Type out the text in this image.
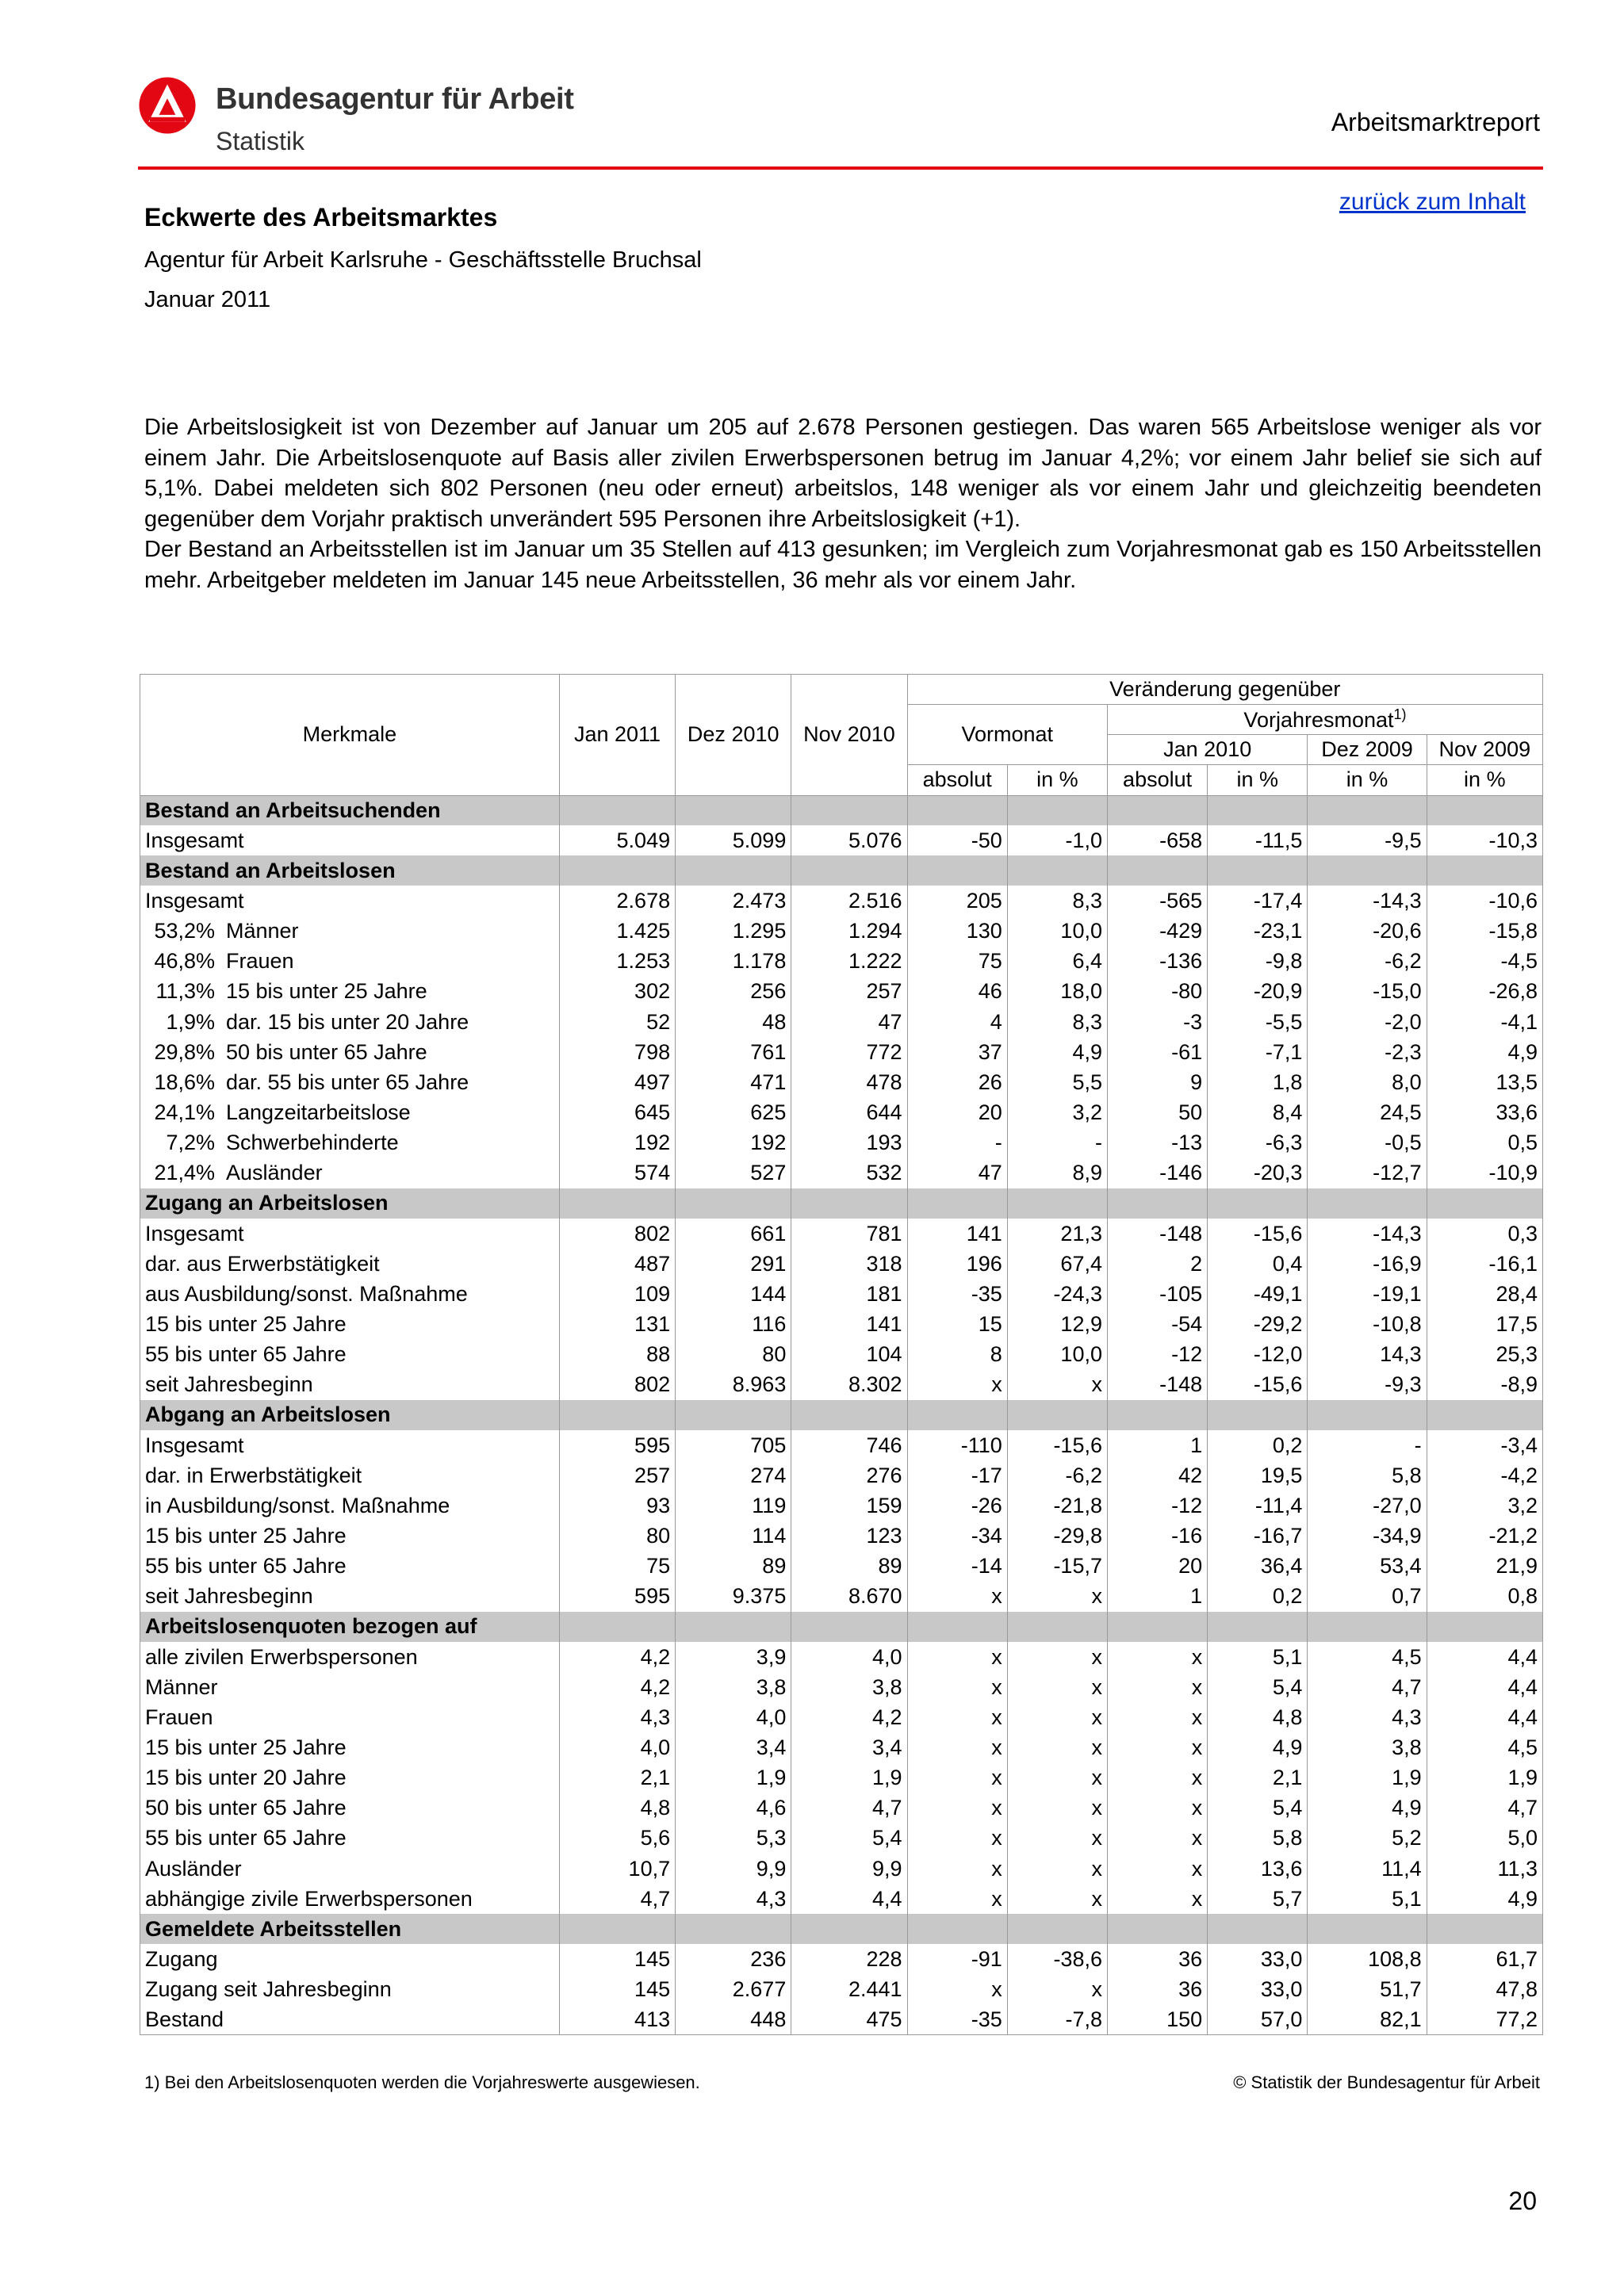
Bundesagentur für Arbeit
Statistik
Arbeitsmarktreport
zurück zum Inhalt
Eckwerte des Arbeitsmarktes
Agentur für Arbeit Karlsruhe - Geschäftsstelle Bruchsal
Januar 2011

Die Arbeitslosigkeit ist von Dezember auf Januar um 205 auf 2.678 Personen gestiegen. Das waren 565 Arbeitslose weniger als vor einem Jahr. Die Arbeitslosenquote auf Basis aller zivilen Erwerbspersonen betrug im Januar 4,2%; vor einem Jahr belief sie sich auf 5,1%. Dabei meldeten sich 802 Personen (neu oder erneut) arbeitslos, 148 weniger als vor einem Jahr und gleichzeitig beendeten gegenüber dem Vorjahr praktisch unverändert 595 Personen ihre Arbeitslosigkeit (+1).

Der Bestand an Arbeitsstellen ist im Januar um 35 Stellen auf 413 gesunken; im Vergleich zum Vorjahresmonat gab es 150 Arbeitsstellen mehr. Arbeitgeber meldeten im Januar 145 neue Arbeitsstellen, 36 mehr als vor einem Jahr.

Merkmale	Jan 2011	Dez 2010	Nov 2010	Veränderung gegenüber					
				Vormonat		Vorjahresmonat$^{1)}$
						Jan 2010		Dez 2009	Nov 2009
				absolut	in %	absolut	in %	in %	in %
Bestand an Arbeitsuchenden									
Insgesamt	5.049	5.099	5.076	-50	-1,0	-658	-11,5	-9,5	-10,3
Bestand an Arbeitslosen									
Insgesamt	2.678	2.473	2.516	205	8,3	-565	-17,4	-14,3	-10,6
53,2% Männer	1.425	1.295	1.294	130	10,0	-429	-23,1	-20,6	-15,8
46,8% Frauen	1.253	1.178	1.222	75	6,4	-136	-9,8	-6,2	-4,5
11,3% 15 bis unter 25 Jahre	302	256	257	46	18,0	-80	-20,9	-15,0	-26,8
1,9% dar. 15 bis unter 20 Jahre	52	48	47	4	8,3	-3	-5,5	-2,0	-4,1
29,8% 50 bis unter 65 Jahre	798	761	772	37	4,9	-61	-7,1	-2,3	4,9
18,6% dar. 55 bis unter 65 Jahre	497	471	478	26	5,5	9	1,8	8,0	13,5
24,1% Langzeitarbeitslose	645	625	644	20	3,2	50	8,4	24,5	33,6
7,2% Schwerbehinderte	192	192	193	-	-	-13	-6,3	-0,5	0,5
21,4% Ausländer	574	527	532	47	8,9	-146	-20,3	-12,7	-10,9
Zugang an Arbeitslosen									
Insgesamt	802	661	781	141	21,3	-148	-15,6	-14,3	0,3
dar. aus Erwerbstätigkeit	487	291	318	196	67,4	2	0,4	-16,9	-16,1
aus Ausbildung/sonst. Maßnahme	109	144	181	-35	-24,3	-105	-49,1	-19,1	28,4
15 bis unter 25 Jahre	131	116	141	15	12,9	-54	-29,2	-10,8	17,5
55 bis unter 65 Jahre	88	80	104	8	10,0	-12	-12,0	14,3	25,3
seit Jahresbeginn	802	8.963	8.302	x	x	-148	-15,6	-9,3	-8,9
Abgang an Arbeitslosen									
Insgesamt	595	705	746	-110	-15,6	1	0,2	-	-3,4
dar. in Erwerbstätigkeit	257	274	276	-17	-6,2	42	19,5	5,8	-4,2
in Ausbildung/sonst. Maßnahme	93	119	159	-26	-21,8	-12	-11,4	-27,0	3,2
15 bis unter 25 Jahre	80	114	123	-34	-29,8	-16	-16,7	-34,9	-21,2
55 bis unter 65 Jahre	75	89	89	-14	-15,7	20	36,4	53,4	21,9
seit Jahresbeginn	595	9.375	8.670	x	x	1	0,2	0,7	0,8
Arbeitslosenquoten bezogen auf									
alle zivilen Erwerbspersonen	4,2	3,9	4,0	x	x	x	5,1	4,5	4,4
Männer	4,2	3,8	3,8	x	x	x	5,4	4,7	4,4
Frauen	4,3	4,0	4,2	x	x	x	4,8	4,3	4,4
15 bis unter 25 Jahre	4,0	3,4	3,4	x	x	x	4,9	3,8	4,5
15 bis unter 20 Jahre	2,1	1,9	1,9	x	x	x	2,1	1,9	1,9
50 bis unter 65 Jahre	4,8	4,6	4,7	x	x	x	5,4	4,9	4,7
55 bis unter 65 Jahre	5,6	5,3	5,4	x	x	x	5,8	5,2	5,0
Ausländer	10,7	9,9	9,9	x	x	x	13,6	11,4	11,3
abhängige zivile Erwerbspersonen	4,7	4,3	4,4	x	x	x	5,7	5,1	4,9
Gemeldete Arbeitsstellen									
Zugang	145	236	228	-91	-38,6	36	33,0	108,8	61,7
Zugang seit Jahresbeginn	145	2.677	2.441	x	x	36	33,0	51,7	47,8
Bestand	413	448	475	-35	-7,8	150	57,0	82,1	77,2
1) Bei den Arbeitslosenquoten werden die Vorjahreswerte ausgewiesen.	© Statistik der Bundesagentur für Arbeit
20
